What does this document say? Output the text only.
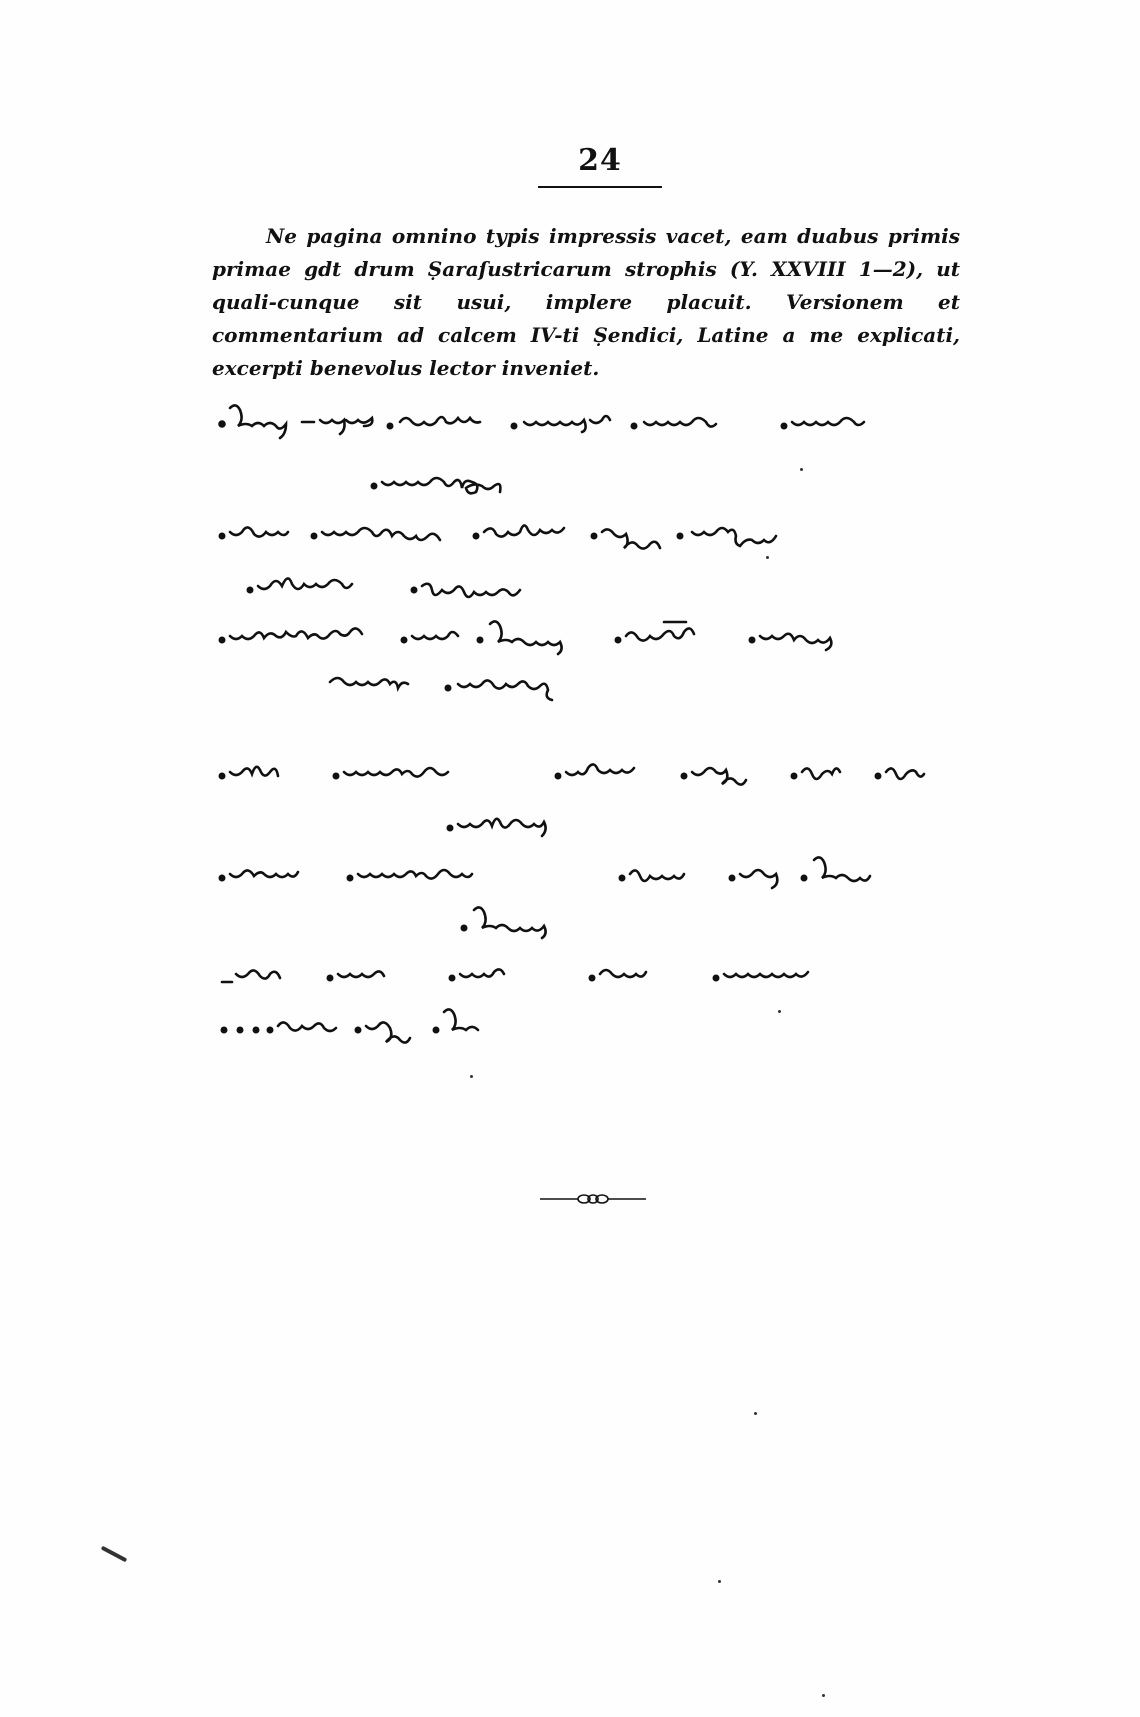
24

Ne pagina omnino typis impressis vacet, eam duabus primis primae gdt drum Ṣaraſustricarum strophis (Y. XXVIII 1—2), ut quali-cunque sit usui, implere placuit. Versionem et commentarium ad calcem IV-ti Ṣendici, Latine a me explicati, excerpti benevolus lector inveniet.
